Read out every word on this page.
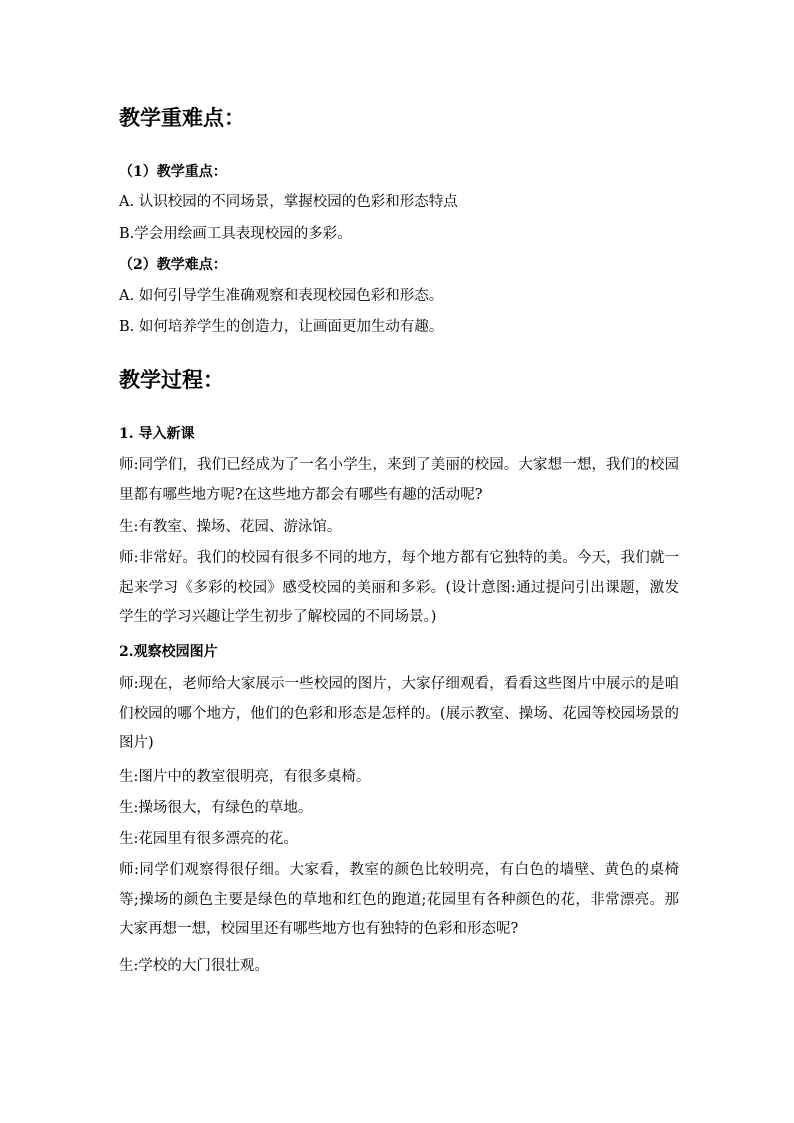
教学重难点：
（1）教学重点：
A. 认识校园的不同场景，掌握校园的色彩和形态特点
B.学会用绘画工具表现校园的多彩。
（2）教学难点：
A. 如何引导学生准确观察和表现校园色彩和形态。
B. 如何培养学生的创造力，让画面更加生动有趣。
教学过程：
1. 导入新课
师:同学们，我们已经成为了一名小学生，来到了美丽的校园。大家想一想，我们的校园里都有哪些地方呢?在这些地方都会有哪些有趣的活动呢?
生:有教室、操场、花园、游泳馆。
师:非常好。我们的校园有很多不同的地方，每个地方都有它独特的美。今天，我们就一起来学习《多彩的校园》感受校园的美丽和多彩。(设计意图:通过提问引出课题，激发学生的学习兴趣让学生初步了解校园的不同场景。)
2.观察校园图片
师:现在，老师给大家展示一些校园的图片，大家仔细观看，看看这些图片中展示的是咱们校园的哪个地方，他们的色彩和形态是怎样的。(展示教室、操场、花园等校园场景的图片)
生:图片中的教室很明亮，有很多桌椅。
生:操场很大，有绿色的草地。
生:花园里有很多漂亮的花。
师:同学们观察得很仔细。大家看，教室的颜色比较明亮，有白色的墙壁、黄色的桌椅等;操场的颜色主要是绿色的草地和红色的跑道;花园里有各种颜色的花，非常漂亮。那大家再想一想，校园里还有哪些地方也有独特的色彩和形态呢?
生:学校的大门很壮观。
